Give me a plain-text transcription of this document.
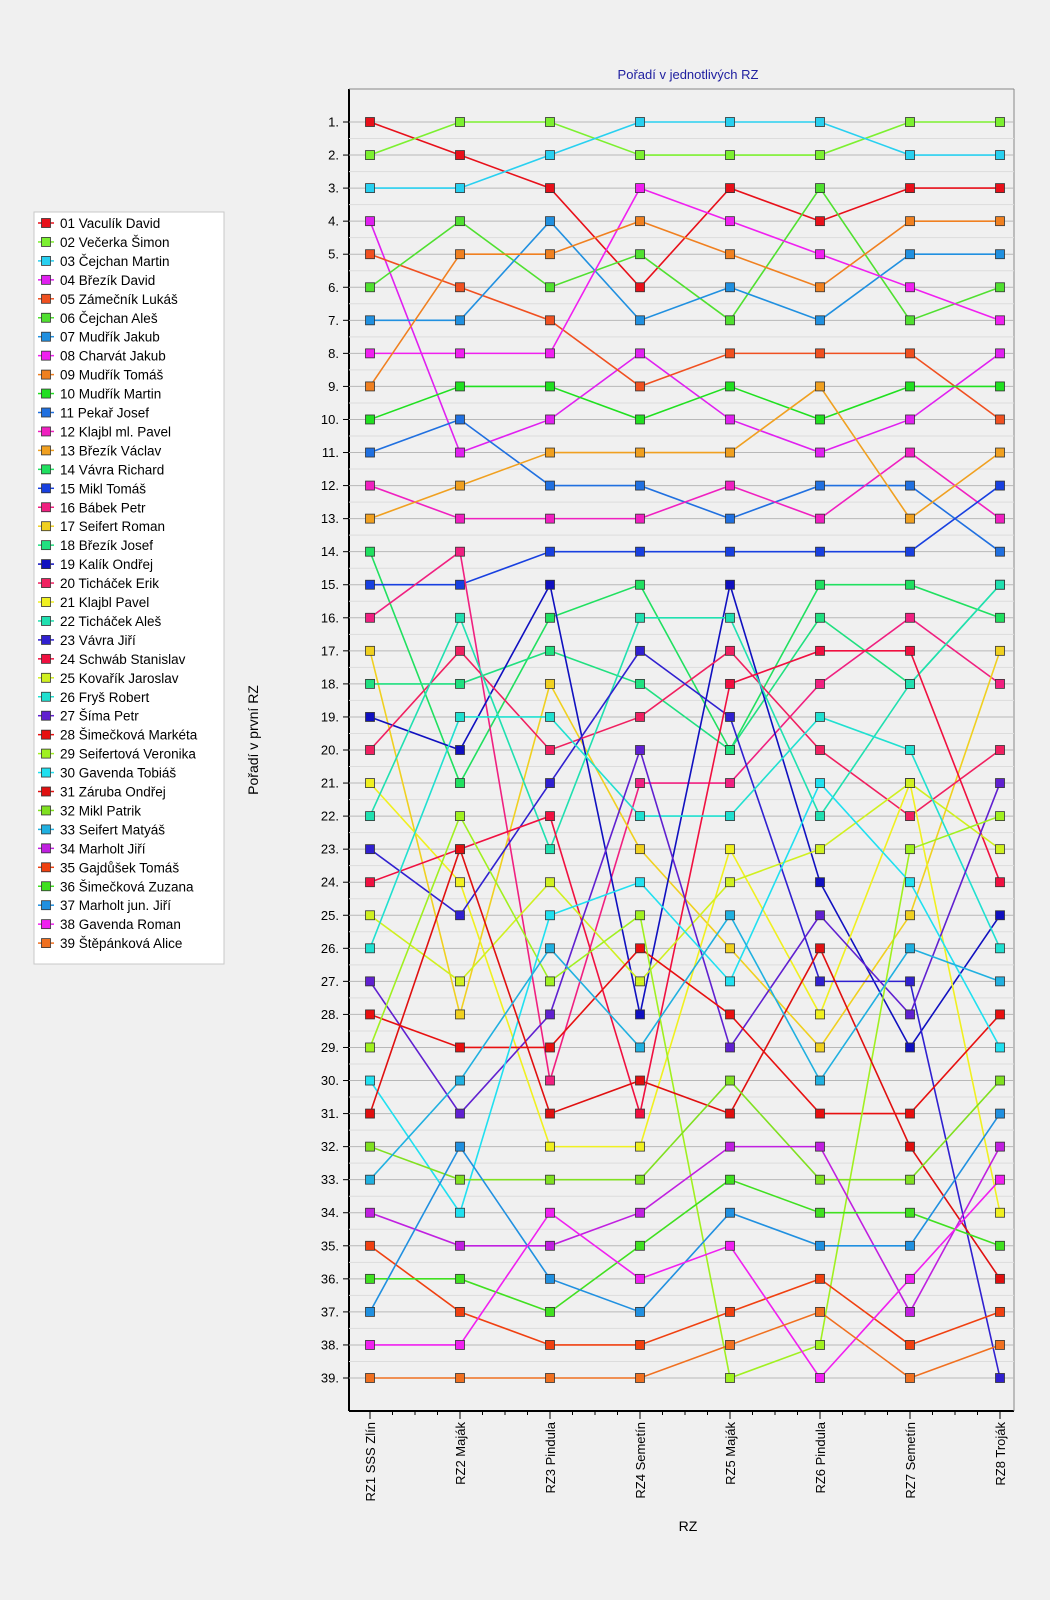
1.
2.
3.
4.
5.
6.
7.
8.
9.
10.
11.
12.
13.
14.
15.
16.
17.
18.
19.
20.
21.
22.
23.
24.
25.
26.
27.
28.
29.
30.
31.
32.
33.
34.
35.
36.
37.
38.
39.
RZ1 SSS Zlín	RZ2 Maják	RZ3 Pindula	RZ4 Semetín	RZ5 Maják	RZ6 Pindula	RZ7 Semetín	RZ8 Troják
Pořadí v jednotlivých RZ
RZ
Pořadí v první RZ
01 Vaculík David
02 Večerka Šimon
03 Čejchan Martin
04 Březík David
05 Zámečník Lukáš
06 Čejchan Aleš
07 Mudřík Jakub
08 Charvát Jakub
09 Mudřík Tomáš
10 Mudřík Martin
11 Pekař Josef
12 Klajbl ml. Pavel
13 Březík Václav
14 Vávra Richard
15 Mikl Tomáš
16 Bábek Petr
17 Seifert Roman
18 Březík Josef
19 Kalík Ondřej
20 Ticháček Erik
21 Klajbl Pavel
22 Ticháček Aleš
23 Vávra Jiří
24 Schwáb Stanislav
25 Kovařík Jaroslav
26 Fryš Robert
27 Šíma Petr
28 Šimečková Markéta
29 Seifertová Veronika
30 Gavenda Tobiáš
31 Záruba Ondřej
32 Mikl Patrik
33 Seifert Matyáš
34 Marholt Jiří
35 Gajdůšek Tomáš
36 Šimečková Zuzana
37 Marholt jun. Jiří
38 Gavenda Roman
39 Štěpánková Alice
